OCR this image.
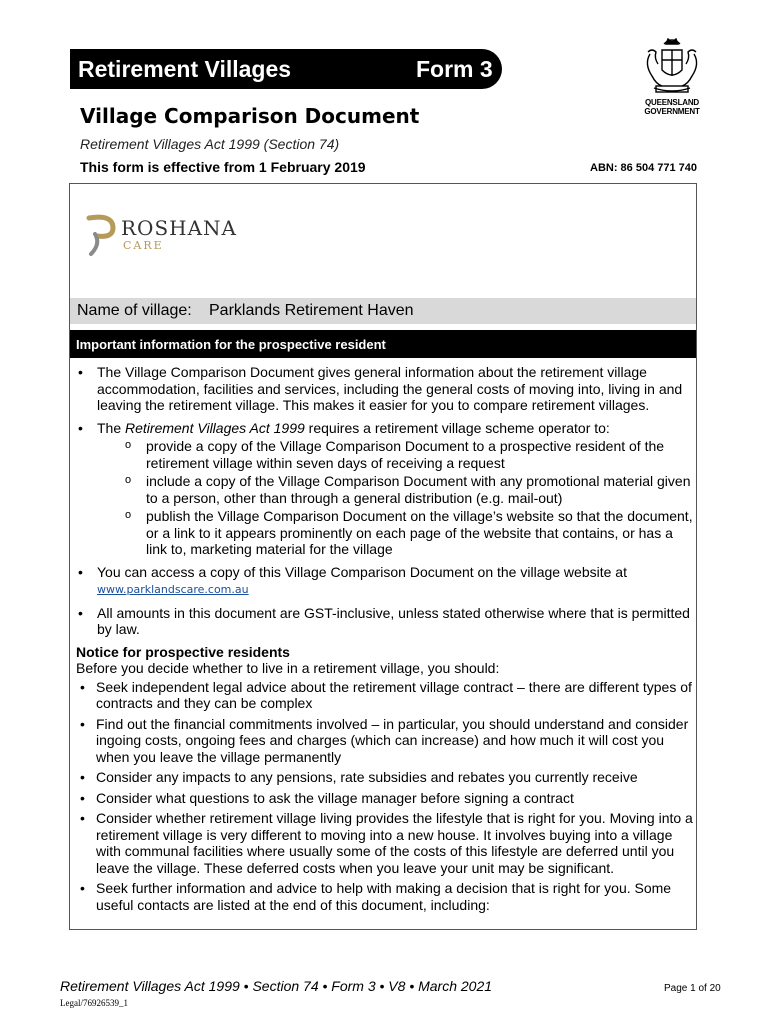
Retirement Villages	Form 3
Village Comparison Document
Retirement Villages Act 1999 (Section 74)
This form is effective from 1 February 2019	ABN: 86 504 771 740
QUEENSLAND
GOVERNMENT
ROSHANA
CARE
Name of village: Parklands Retirement Haven
Important information for the prospective resident
• The Village Comparison Document gives general information about the retirement village accommodation, facilities and services, including the general costs of moving into, living in and leaving the retirement village. This makes it easier for you to compare retirement villages.
• The Retirement Villages Act 1999 requires a retirement village scheme operator to:
o provide a copy of the Village Comparison Document to a prospective resident of the retirement village within seven days of receiving a request
o include a copy of the Village Comparison Document with any promotional material given to a person, other than through a general distribution (e.g. mail-out)
o publish the Village Comparison Document on the village’s website so that the document, or a link to it appears prominently on each page of the website that contains, or has a link to, marketing material for the village
• You can access a copy of this Village Comparison Document on the village website at
www.parklandscare.com.au
• All amounts in this document are GST-inclusive, unless stated otherwise where that is permitted by law.
Notice for prospective residents
Before you decide whether to live in a retirement village, you should:
• Seek independent legal advice about the retirement village contract – there are different types of contracts and they can be complex
• Find out the financial commitments involved – in particular, you should understand and consider ingoing costs, ongoing fees and charges (which can increase) and how much it will cost you when you leave the village permanently
• Consider any impacts to any pensions, rate subsidies and rebates you currently receive
• Consider what questions to ask the village manager before signing a contract
• Consider whether retirement village living provides the lifestyle that is right for you. Moving into a retirement village is very different to moving into a new house. It involves buying into a village with communal facilities where usually some of the costs of this lifestyle are deferred until you leave the village. These deferred costs when you leave your unit may be significant.
• Seek further information and advice to help with making a decision that is right for you. Some useful contacts are listed at the end of this document, including:
Retirement Villages Act 1999 • Section 74 • Form 3 • V8 • March 2021	Page 1 of 20
Legal/76926539_1
